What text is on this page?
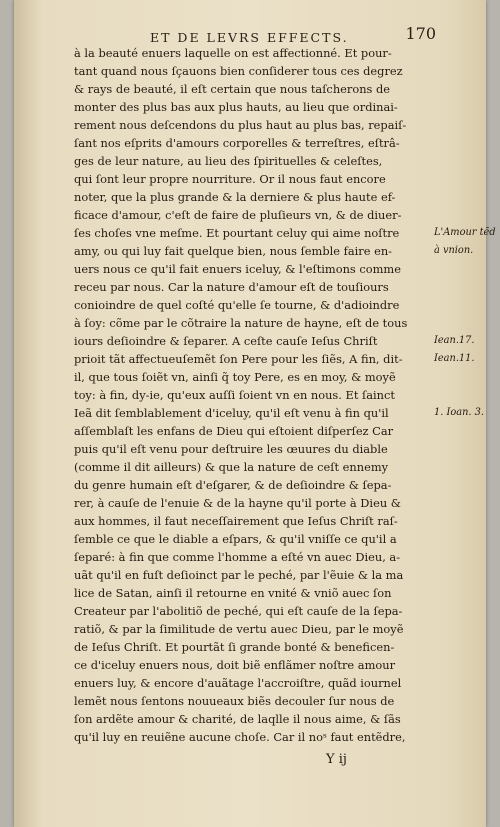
ET DE LEVRS EFFECTS.	170
à la beauté enuers laquelle on est affectionné. Et pour-
tant quand nous ſçauons bien conſiderer tous ces degrez
& rays de beauté, il eſt certain que nous taſcherons de
monter des plus bas aux plus hauts, au lieu que ordinai-
rement nous deſcendons du plus haut au plus bas, repaiſ-
ſant nos eſprits d'amours corporelles & terreſtres, eſtrâ-
ges de leur nature, au lieu des ſpirituelles & celeſtes,
qui ſont leur propre nourriture. Or il nous faut encore
noter, que la plus grande & la derniere & plus haute ef-
ficace d'amour, c'eſt de faire de pluſieurs vn, & de diuer-
ſes choſes vne meſme. Et pourtant celuy qui aime noſtre
amy, ou qui luy fait quelque bien, nous ſemble faire en-
uers nous ce qu'il fait enuers iceluy, & l'eſtimons comme
receu par nous. Car la nature d'amour eſt de touſiours
conioindre de quel coſté qu'elle ſe tourne, & d'adioindre
à ſoy: cõme par le cõtraire la nature de hayne, eſt de tous
iours deſioindre & ſeparer. A ceſte cauſe Ieſus Chriſt
prioit tãt affectueuſemẽt ſon Pere pour les ſiẽs, A fin, dit-
il, que tous ſoiẽt vn, ainſi q̃ toy Pere, es en moy, & moyẽ
toy: à fin, dy-ie, qu'eux auſſi ſoient vn en nous. Et ſainct
Ieã dit ſemblablement d'iceluy, qu'il eſt venu à fin qu'il
aſſemblaſt les enfans de Dieu qui eſtoient diſperſez Car
puis qu'il eſt venu pour deſtruire les œuures du diable
(comme il dit ailleurs) & que la nature de ceſt ennemy
du genre humain eſt d'eſgarer, & de deſioindre & ſepa-
rer, à cauſe de l'enuie & de la hayne qu'il porte à Dieu &
aux hommes, il faut neceſſairement que Ieſus Chriſt raſ-
ſemble ce que le diable a eſpars, & qu'il vniſſe ce qu'il a
ſeparé: à fin que comme l'homme a eſté vn auec Dieu, a-
uãt qu'il en fuſt deſioinct par le peché, par l'ẽuie & la ma
lice de Satan, ainſi il retourne en vnité & vniõ auec ſon
Createur par l'abolitiõ de peché, qui eſt cauſe de la ſepa-
ratiõ, & par la ſimilitude de vertu auec Dieu, par le moyẽ
de Ieſus Chriſt. Et pourtãt ſi grande bonté & beneficen-
ce d'iceluy enuers nous, doit biẽ enflãmer noſtre amour
enuers luy, & encore d'auãtage l'accroiſtre, quãd iournel
lemẽt nous ſentons nouueaux biẽs decouler ſur nous de
ſon ardẽte amour & charité, de laqlle il nous aime, & ſãs
qu'il luy en reuiẽne aucune choſe. Car il noˢ faut entẽdre,
L'Amour tẽd
à vnion.
Iean.17.
Iean.11.
1. Ioan. 3.
Y ij
